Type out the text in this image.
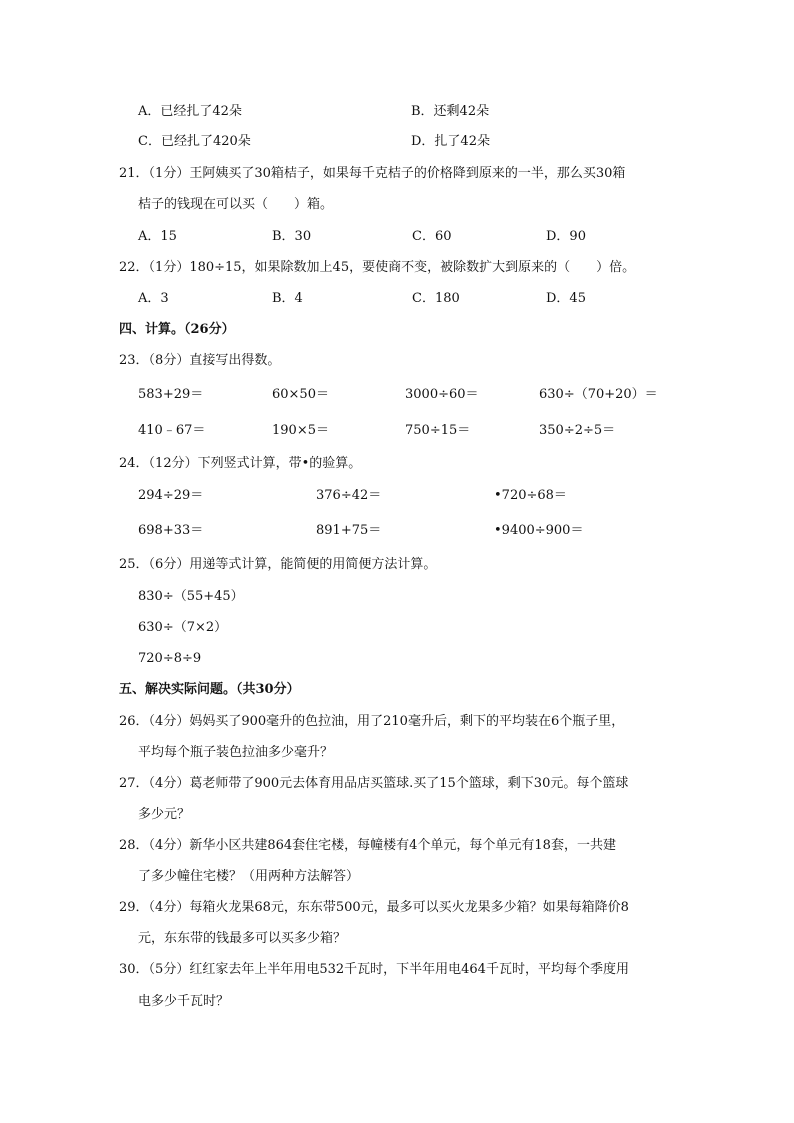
A．已经扎了42朵	B．还剩42朵
C．已经扎了420朵	D．扎了42朵
21．（1分）王阿姨买了30箱桔子，如果每千克桔子的价格降到原来的一半，那么买30箱
桔子的钱现在可以买（　　）箱。
A．15	B．30	C．60	D．90
22．（1分）180÷15，如果除数加上45，要使商不变，被除数扩大到原来的（　　）倍。
A．3	B．4	C．180	D．45
四、计算。（26分）
23．（8分）直接写出得数。
583+29＝	60×50＝	3000÷60＝	630÷（70+20）＝
410﹣67＝	190×5＝	750÷15＝	350÷2÷5＝
24．（12分）下列竖式计算，带•的验算。
294÷29＝	376÷42＝	•720÷68＝
698+33＝	891+75＝	•9400÷900＝
25．（6分）用递等式计算，能简便的用简便方法计算。
830÷（55+45）
630÷（7×2）
720÷8÷9
五、解决实际问题。（共30分）
26．（4分）妈妈买了900毫升的色拉油，用了210毫升后，剩下的平均装在6个瓶子里，
平均每个瓶子装色拉油多少毫升？
27．（4分）葛老师带了900元去体育用品店买篮球.买了15个篮球，剩下30元。每个篮球
多少元？
28．（4分）新华小区共建864套住宅楼，每幢楼有4个单元，每个单元有18套，一共建
了多少幢住宅楼？（用两种方法解答）
29．（4分）每箱火龙果68元，东东带500元，最多可以买火龙果多少箱？如果每箱降价8
元，东东带的钱最多可以买多少箱？
30．（5分）红红家去年上半年用电532千瓦时，下半年用电464千瓦时，平均每个季度用
电多少千瓦时？
